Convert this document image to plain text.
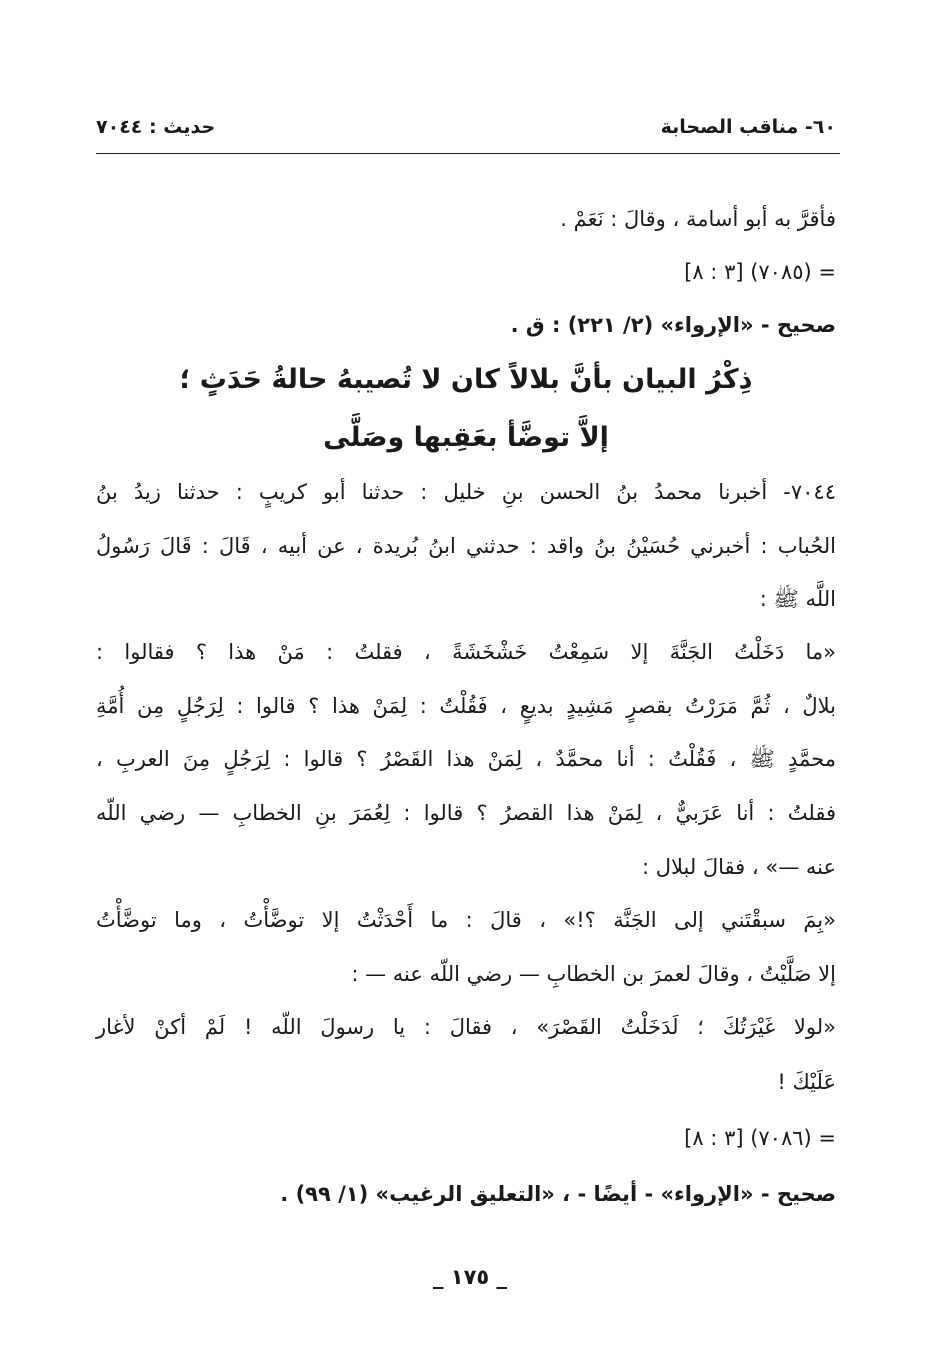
٦٠- مناقب الصحابة
حديث : ٧٠٤٤
فأقرَّ به أبو أسامة ، وقالَ : نَعَمْ .
= (٧٠٨٥) [٣ : ٨]
صحيح - «الإرواء» (٢/ ٢٢١) : ق .
ذِكْرُ البيان بأنَّ بلالاً كان لا تُصيبهُ حالةُ حَدَثٍ ؛
إلاَّ توضَّأ بعَقِبها وصَلَّى
٧٠٤٤- أخبرنا محمدُ بنُ الحسن بنِ خليل : حدثنا أبو كريبٍ : حدثنا زيدُ بنُ
الحُباب : أخبرني حُسَيْنُ بنُ واقد : حدثني ابنُ بُريدة ، عن أبيه ، قَالَ : قَالَ رَسُولُ
اللَّه ﷺ :
«ما دَخَلْتُ الجَنَّةَ إلا سَمِعْتُ خَشْخَشَةً ، فقلتُ : مَنْ هذا ؟ فقالوا :
بلالٌ ، ثُمَّ مَرَرْتُ بقصرٍ مَشِيدٍ بديعٍ ، فَقُلْتُ : لِمَنْ هذا ؟ قالوا : لِرَجُلٍ مِن أُمَّةِ
محمَّدٍ ﷺ ، فَقُلْتُ : أنا محمَّدٌ ، لِمَنْ هذا القَصْرُ ؟ قالوا : لِرَجُلٍ مِنَ العربِ ،
فقلتُ : أنا عَرَبيٌّ ، لِمَنْ هذا القصرُ ؟ قالوا : لِعُمَرَ بنِ الخطابِ — رضي اللّه
عنه —» ، فقالَ لبلال :
«بِمَ سبقْتَني إلى الجَنَّة ؟!» ، قالَ : ما أَحْدَثْتُ إلا توضَّأْتُ ، وما توضَّأْتُ
إلا صَلَّيْتُ ، وقالَ لعمرَ بن الخطابِ — رضي اللّه عنه — :
«لولا غَيْرَتُكَ ؛ لَدَخَلْتُ القَصْرَ» ، فقالَ : يا رسولَ اللّه ! لَمْ أكنْ لأغار
عَلَيْكَ !
= (٧٠٨٦) [٣ : ٨]
صحيح - «الإرواء» - أيضًا - ، «التعليق الرغيب» (١/ ٩٩) .
_ ١٧٥ _
